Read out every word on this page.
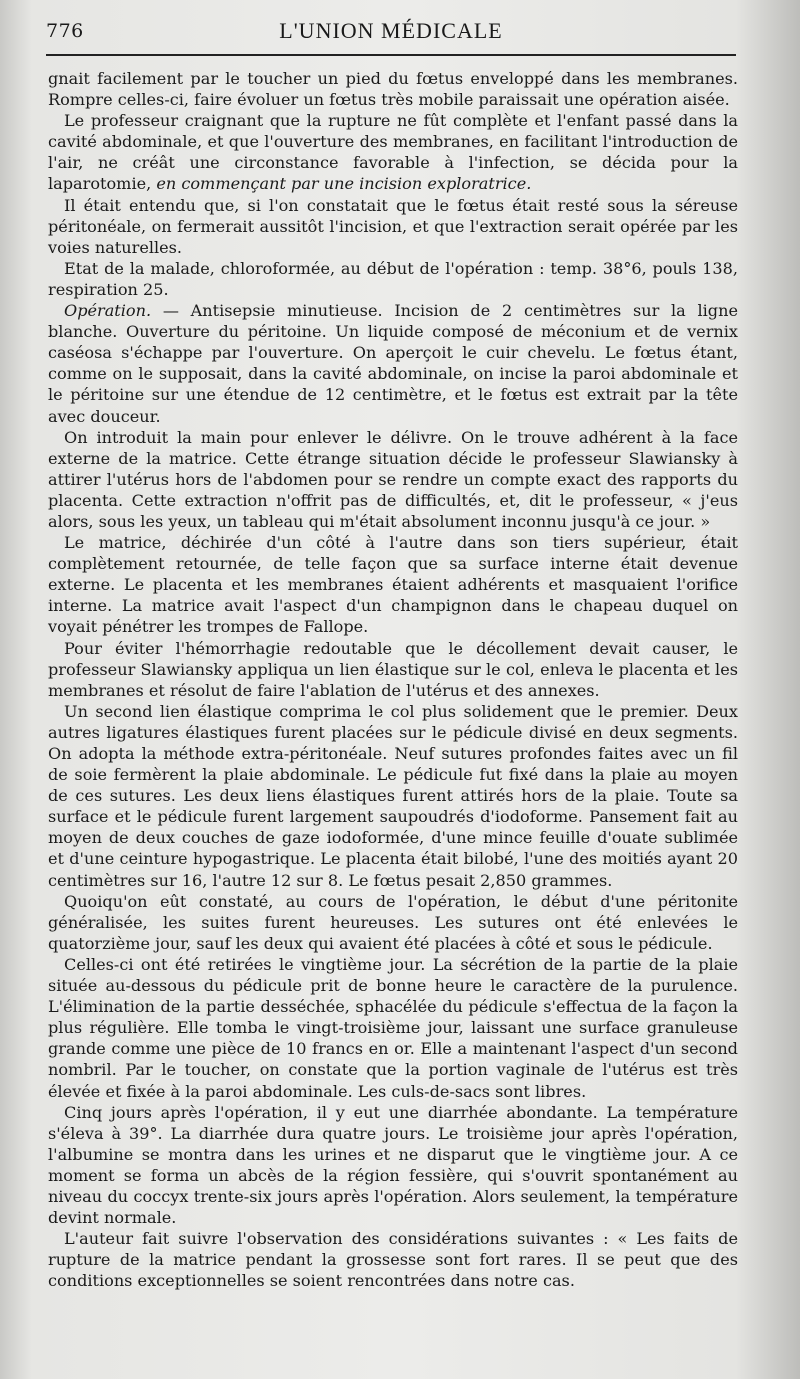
776	L'UNION MÉDICALE

gnait facilement par le toucher un pied du fœtus enveloppé dans les membranes. Rompre celles-ci, faire évoluer un fœtus très mobile paraissait une opération aisée.

Le professeur craignant que la rupture ne fût complète et l'enfant passé dans la cavité abdominale, et que l'ouverture des membranes, en facilitant l'introduction de l'air, ne créât une circonstance favorable à l'infection, se décida pour la laparotomie, en commençant par une incision exploratrice.

Il était entendu que, si l'on constatait que le fœtus était resté sous la séreuse péritonéale, on fermerait aussitôt l'incision, et que l'extraction serait opérée par les voies naturelles.

Etat de la malade, chloroformée, au début de l'opération : temp. 38°6, pouls 138, respiration 25.

Opération. — Antisepsie minutieuse. Incision de 2 centimètres sur la ligne blanche. Ouverture du péritoine. Un liquide composé de méconium et de vernix caséosa s'échappe par l'ouverture. On aperçoit le cuir chevelu. Le fœtus étant, comme on le supposait, dans la cavité abdominale, on incise la paroi abdominale et le péritoine sur une étendue de 12 centimètre, et le fœtus est extrait par la tête avec douceur.

On introduit la main pour enlever le délivre. On le trouve adhérent à la face externe de la matrice. Cette étrange situation décide le professeur Slawiansky à attirer l'utérus hors de l'abdomen pour se rendre un compte exact des rapports du placenta. Cette extraction n'offrit pas de difficultés, et, dit le professeur, « j'eus alors, sous les yeux, un tableau qui m'était absolument inconnu jusqu'à ce jour. »

Le matrice, déchirée d'un côté à l'autre dans son tiers supérieur, était complètement retournée, de telle façon que sa surface interne était devenue externe. Le placenta et les membranes étaient adhérents et masquaient l'orifice interne. La matrice avait l'aspect d'un champignon dans le chapeau duquel on voyait pénétrer les trompes de Fallope.

Pour éviter l'hémorrhagie redoutable que le décollement devait causer, le professeur Slawiansky appliqua un lien élastique sur le col, enleva le placenta et les membranes et résolut de faire l'ablation de l'utérus et des annexes.

Un second lien élastique comprima le col plus solidement que le premier. Deux autres ligatures élastiques furent placées sur le pédicule divisé en deux segments. On adopta la méthode extra-péritonéale. Neuf sutures profondes faites avec un fil de soie fermèrent la plaie abdominale. Le pédicule fut fixé dans la plaie au moyen de ces sutures. Les deux liens élastiques furent attirés hors de la plaie. Toute sa surface et le pédicule furent largement saupoudrés d'iodoforme. Pansement fait au moyen de deux couches de gaze iodoformée, d'une mince feuille d'ouate sublimée et d'une ceinture hypogastrique. Le placenta était bilobé, l'une des moitiés ayant 20 centimètres sur 16, l'autre 12 sur 8. Le fœtus pesait 2,850 grammes.

Quoiqu'on eût constaté, au cours de l'opération, le début d'une péritonite généralisée, les suites furent heureuses. Les sutures ont été enlevées le quatorzième jour, sauf les deux qui avaient été placées à côté et sous le pédicule.

Celles-ci ont été retirées le vingtième jour. La sécrétion de la partie de la plaie située au-dessous du pédicule prit de bonne heure le caractère de la purulence. L'élimination de la partie desséchée, sphacélée du pédicule s'effectua de la façon la plus régulière. Elle tomba le vingt-troisième jour, laissant une surface granuleuse grande comme une pièce de 10 francs en or. Elle a maintenant l'aspect d'un second nombril. Par le toucher, on constate que la portion vaginale de l'utérus est très élevée et fixée à la paroi abdominale. Les culs-de-sacs sont libres.

Cinq jours après l'opération, il y eut une diarrhée abondante. La température s'éleva à 39°. La diarrhée dura quatre jours. Le troisième jour après l'opération, l'albumine se montra dans les urines et ne disparut que le vingtième jour. A ce moment se forma un abcès de la région fessière, qui s'ouvrit spontanément au niveau du coccyx trente-six jours après l'opération. Alors seulement, la température devint normale.

L'auteur fait suivre l'observation des considérations suivantes : « Les faits de rupture de la matrice pendant la grossesse sont fort rares. Il se peut que des conditions exceptionnelles se soient rencontrées dans notre cas.
